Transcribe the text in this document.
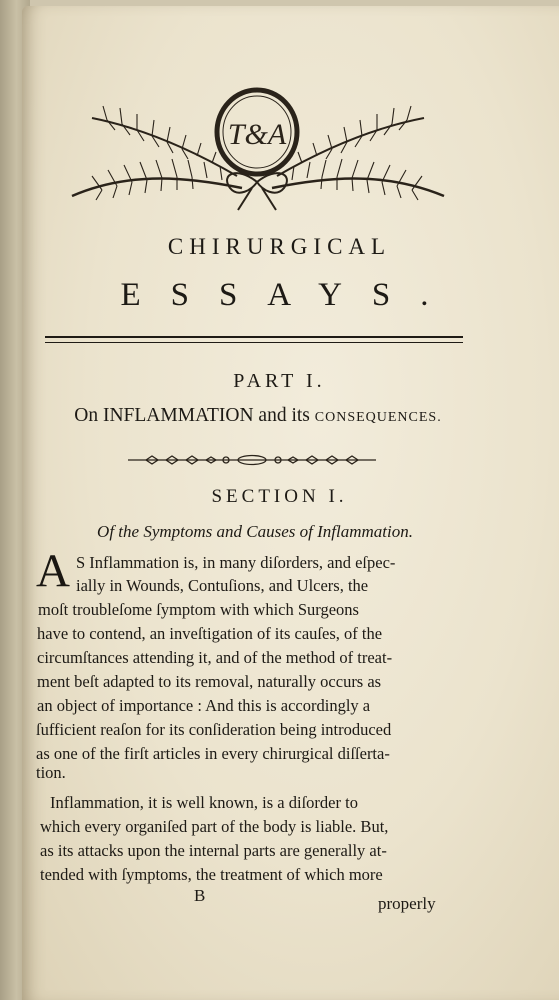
T&A
CHIRURGICAL
ESSAYS.
PART I.
On INFLAMMATION and its CONSEQUENCES.
SECTION I.
Of the Symptoms and Causes of Inflammation.
A S Inflammation is, in many diſorders, and eſpec-
ially in Wounds, Contuſions, and Ulcers, the
moſt troubleſome ſymptom with which Surgeons
have to contend, an inveſtigation of its cauſes, of the
circumſtances attending it, and of the method of treat-
ment beſt adapted to its removal, naturally occurs as
an object of importance : And this is accordingly a
ſufficient reaſon for its conſideration being introduced
as one of the firſt articles in every chirurgical diſſerta-
tion.
Inflammation, it is well known, is a diſorder to
which every organiſed part of the body is liable. But,
as its attacks upon the internal parts are generally at-
tended with ſymptoms, the treatment of which more
B	properly
